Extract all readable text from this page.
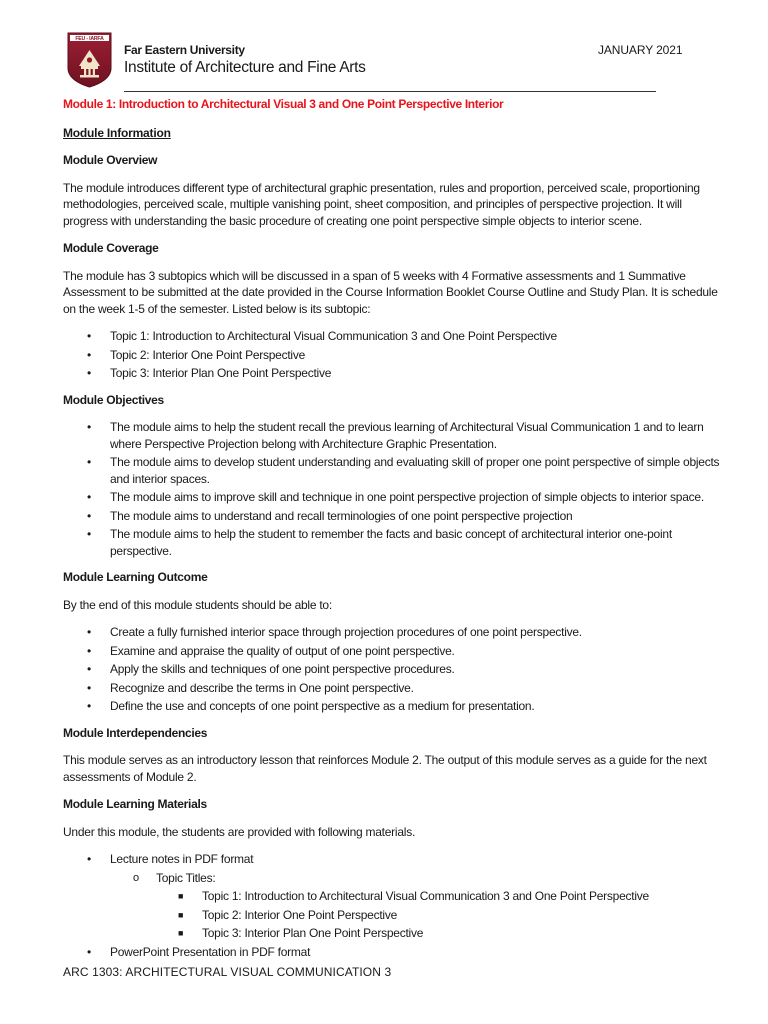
FEU - IARFA
Far Eastern University
Institute of Architecture and Fine Arts
JANUARY 2021
Module 1: Introduction to Architectural Visual 3 and One Point Perspective Interior
Module Information
Module Overview

The module introduces different type of architectural graphic presentation, rules and proportion, perceived scale, proportioning methodologies, perceived scale, multiple vanishing point, sheet composition, and principles of perspective projection. It will progress with understanding the basic procedure of creating one point perspective simple objects to interior scene.

Module Coverage

The module has 3 subtopics which will be discussed in a span of 5 weeks with 4 Formative assessments and 1 Summative Assessment to be submitted at the date provided in the Course Information Booklet Course Outline and Study Plan. It is schedule on the week 1-5 of the semester. Listed below is its subtopic:

• Topic 1: Introduction to Architectural Visual Communication 3 and One Point Perspective
• Topic 2: Interior One Point Perspective
• Topic 3: Interior Plan One Point Perspective
Module Objectives
• The module aims to help the student recall the previous learning of Architectural Visual Communication 1 and to learn where Perspective Projection belong with Architecture Graphic Presentation.
• The module aims to develop student understanding and evaluating skill of proper one point perspective of simple objects and interior spaces.
• The module aims to improve skill and technique in one point perspective projection of simple objects to interior space.
• The module aims to understand and recall terminologies of one point perspective projection
• The module aims to help the student to remember the facts and basic concept of architectural interior one-point perspective.
Module Learning Outcome

By the end of this module students should be able to:

• Create a fully furnished interior space through projection procedures of one point perspective.
• Examine and appraise the quality of output of one point perspective.
• Apply the skills and techniques of one point perspective procedures.
• Recognize and describe the terms in One point perspective.
• Define the use and concepts of one point perspective as a medium for presentation.
Module Interdependencies

This module serves as an introductory lesson that reinforces Module 2. The output of this module serves as a guide for the next assessments of Module 2.

Module Learning Materials

Under this module, the students are provided with following materials.

• Lecture notes in PDF format
o Topic Titles:
■ Topic 1: Introduction to Architectural Visual Communication 3 and One Point Perspective
■ Topic 2: Interior One Point Perspective
■ Topic 3: Interior Plan One Point Perspective
• PowerPoint Presentation in PDF format
ARC 1303: ARCHITECTURAL VISUAL COMMUNICATION 3
